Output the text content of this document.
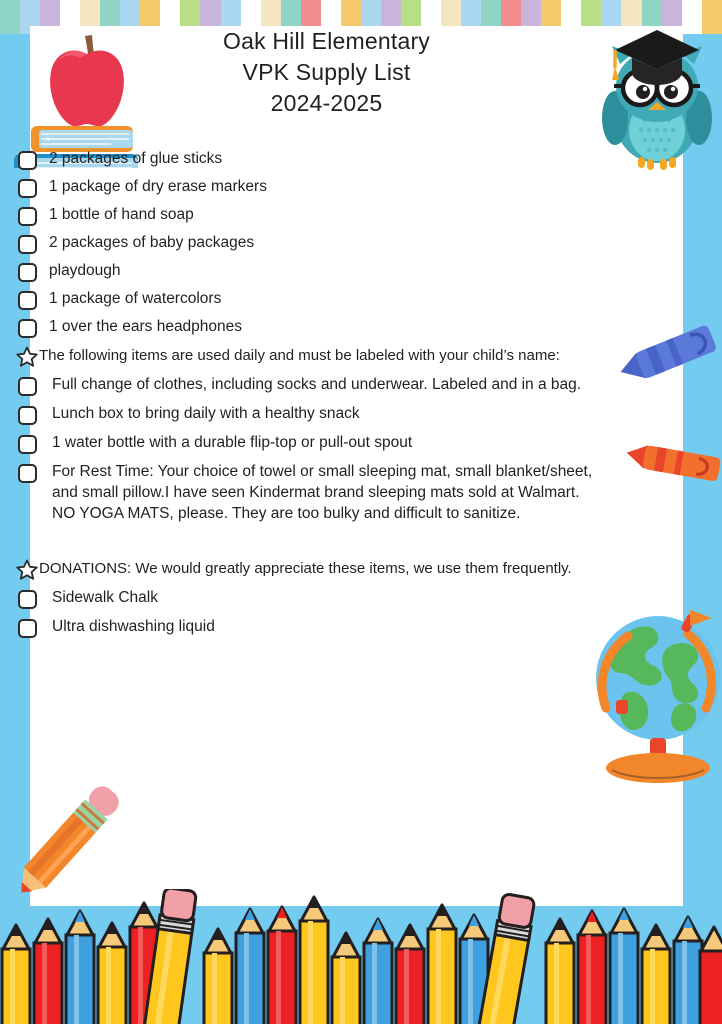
Oak Hill Elementary
VPK Supply List
2024-2025
2 packages of glue sticks
1 package of dry erase markers
1 bottle of hand soap
2 packages of baby packages
playdough
1 package of watercolors
1 over the ears headphones
The following items are used daily and must be labeled with your child’s name:
Full change of clothes, including socks and underwear. Labeled and in a bag.
Lunch box to bring daily with a healthy snack
1 water bottle with a durable flip-top or pull-out spout
For Rest Time: Your choice of towel or small sleeping mat, small blanket/sheet,
and small pillow.I have seen Kindermat brand sleeping mats sold at Walmart.
NO YOGA MATS, please. They are too bulky and difficult to sanitize.
DONATIONS: We would greatly appreciate these items, we use them frequently.
Sidewalk Chalk
Ultra dishwashing liquid
